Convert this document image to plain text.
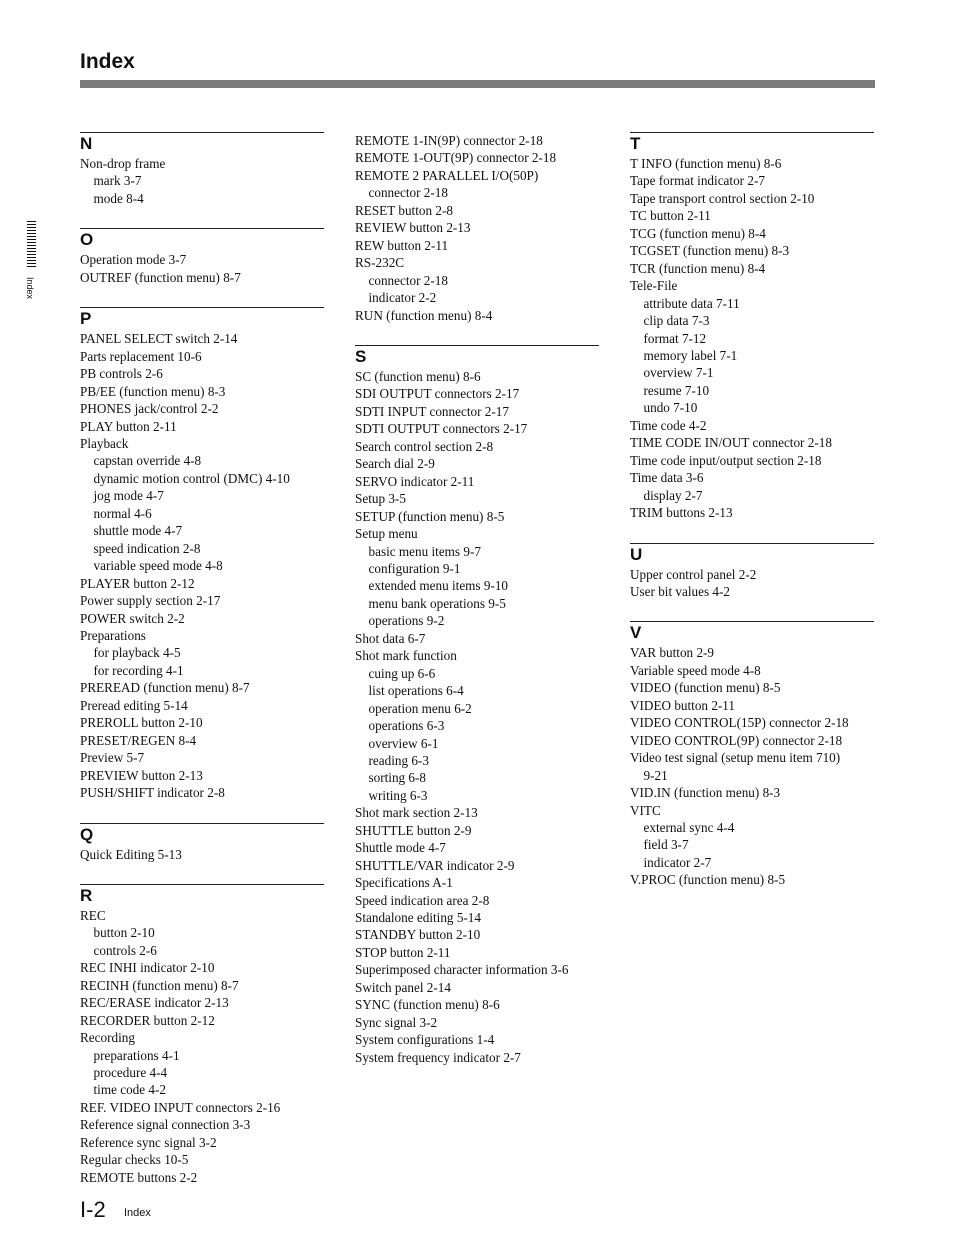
Index
Index
N
Non-drop frame
mark 3-7
mode 8-4
O
Operation mode 3-7
OUTREF (function menu) 8-7
P
PANEL SELECT switch 2-14
Parts replacement 10-6
PB controls 2-6
PB/EE (function menu) 8-3
PHONES jack/control 2-2
PLAY button 2-11
Playback
capstan override 4-8
dynamic motion control (DMC) 4-10
jog mode 4-7
normal 4-6
shuttle mode 4-7
speed indication 2-8
variable speed mode 4-8
PLAYER button 2-12
Power supply section 2-17
POWER switch 2-2
Preparations
for playback 4-5
for recording 4-1
PREREAD (function menu) 8-7
Preread editing 5-14
PREROLL button 2-10
PRESET/REGEN 8-4
Preview 5-7
PREVIEW button 2-13
PUSH/SHIFT indicator 2-8
Q
Quick Editing 5-13
R
REC
button 2-10
controls 2-6
REC INHI indicator 2-10
RECINH (function menu) 8-7
REC/ERASE indicator 2-13
RECORDER button 2-12
Recording
preparations 4-1
procedure 4-4
time code 4-2
REF. VIDEO INPUT connectors 2-16
Reference signal connection 3-3
Reference sync signal 3-2
Regular checks 10-5
REMOTE buttons 2-2
REMOTE 1-IN(9P) connector 2-18
REMOTE 1-OUT(9P) connector 2-18
REMOTE 2 PARALLEL I/O(50P)
connector 2-18
RESET button 2-8
REVIEW button 2-13
REW button 2-11
RS-232C
connector 2-18
indicator 2-2
RUN (function menu) 8-4
S
SC (function menu) 8-6
SDI OUTPUT connectors 2-17
SDTI INPUT connector 2-17
SDTI OUTPUT connectors 2-17
Search control section 2-8
Search dial 2-9
SERVO indicator 2-11
Setup 3-5
SETUP (function menu) 8-5
Setup menu
basic menu items 9-7
configuration 9-1
extended menu items 9-10
menu bank operations 9-5
operations 9-2
Shot data 6-7
Shot mark function
cuing up 6-6
list operations 6-4
operation menu 6-2
operations 6-3
overview 6-1
reading 6-3
sorting 6-8
writing 6-3
Shot mark section 2-13
SHUTTLE button 2-9
Shuttle mode 4-7
SHUTTLE/VAR indicator 2-9
Specifications A-1
Speed indication area 2-8
Standalone editing 5-14
STANDBY button 2-10
STOP button 2-11
Superimposed character information 3-6
Switch panel 2-14
SYNC (function menu) 8-6
Sync signal 3-2
System configurations 1-4
System frequency indicator 2-7
T
T INFO (function menu) 8-6
Tape format indicator 2-7
Tape transport control section 2-10
TC button 2-11
TCG (function menu) 8-4
TCGSET (function menu) 8-3
TCR (function menu) 8-4
Tele-File
attribute data 7-11
clip data 7-3
format 7-12
memory label 7-1
overview 7-1
resume 7-10
undo 7-10
Time code 4-2
TIME CODE IN/OUT connector 2-18
Time code input/output section 2-18
Time data 3-6
display 2-7
TRIM buttons 2-13
U
Upper control panel 2-2
User bit values 4-2
V
VAR button 2-9
Variable speed mode 4-8
VIDEO (function menu) 8-5
VIDEO button 2-11
VIDEO CONTROL(15P) connector 2-18
VIDEO CONTROL(9P) connector 2-18
Video test signal (setup menu item 710)
9-21
VID.IN (function menu) 8-3
VITC
external sync 4-4
field 3-7
indicator 2-7
V.PROC (function menu) 8-5
I-2 Index
